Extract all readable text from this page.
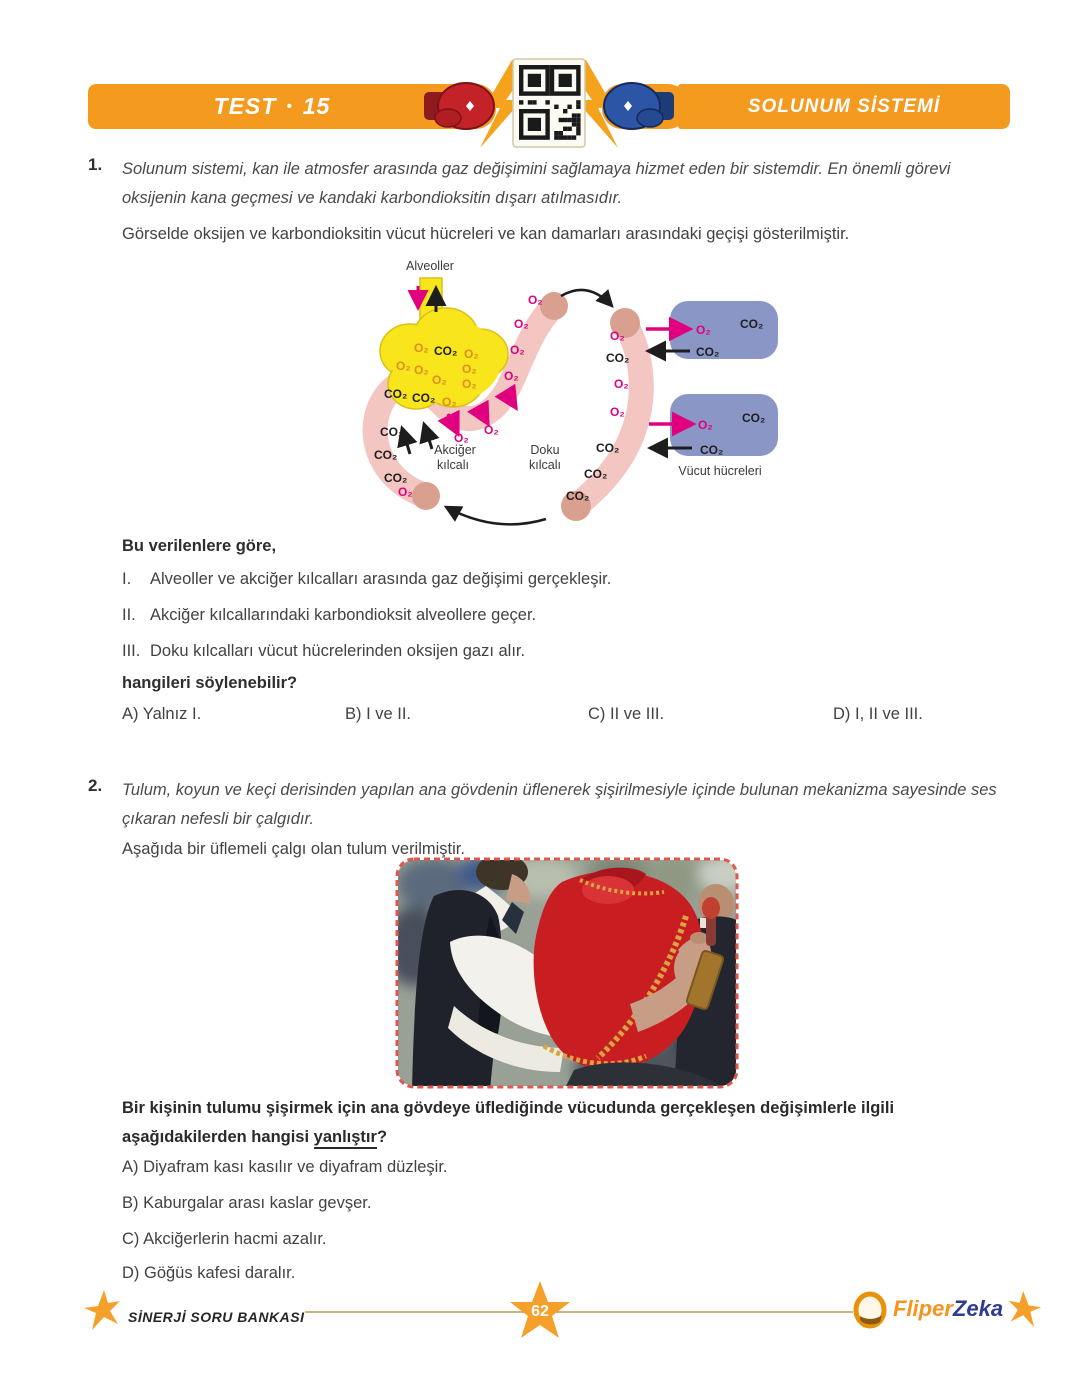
TEST • 15	SOLUNUM SİSTEMİ
1.	Solunum sistemi, kan ile atmosfer arasında gaz değişimini sağlamaya hizmet eden bir sistemdir. En önemli görevi oksijenin kana geçmesi ve kandaki karbondioksitin dışarı atılmasıdır.
Görselde oksijen ve karbondioksitin vücut hücreleri ve kan damarları arasındaki geçişi gösterilmiştir.
O₂ CO₂ O₂
O₂ O₂	O₂
O₂ O₂
CO₂ CO₂ O₂
CO₂
CO₂
CO₂
O₂
O₂
O₂
O₂
O₂
O₂
O₂
O₂
CO₂
O₂
O₂
CO₂
CO₂
CO₂
O₂ CO₂
CO₂
O₂ CO₂
CO₂
Alveoller
Akciğer
kılcalı
Doku
kılcalı	Vücut hücreleri
Bu verilenlere göre,
I.	Alveoller ve akciğer kılcalları arasında gaz değişimi gerçekleşir.
II. Akciğer kılcallarındaki karbondioksit alveollere geçer.
III. Doku kılcalları vücut hücrelerinden oksijen gazı alır.
hangileri söylenebilir?
A) Yalnız I.	B) I ve II.	C) II ve III.	D) I, II ve III.
2.	Tulum, koyun ve keçi derisinden yapılan ana gövdenin üflenerek şişirilmesiyle içinde bulunan mekanizma sayesinde ses çıkaran nefesli bir çalgıdır.
Aşağıda bir üflemeli çalgı olan tulum verilmiştir.
Bir kişinin tulumu şişirmek için ana gövdeye üflediğinde vücudunda gerçekleşen değişimlerle ilgili aşağıdakilerden hangisi yanlıştır?
A) Diyafram kası kasılır ve diyafram düzleşir.
B) Kaburgalar arası kaslar gevşer.
C) Akciğerlerin hacmi azalır.
D) Göğüs kafesi daralır.
SİNERJİ SORU BANKASI	62	FliperZeka
